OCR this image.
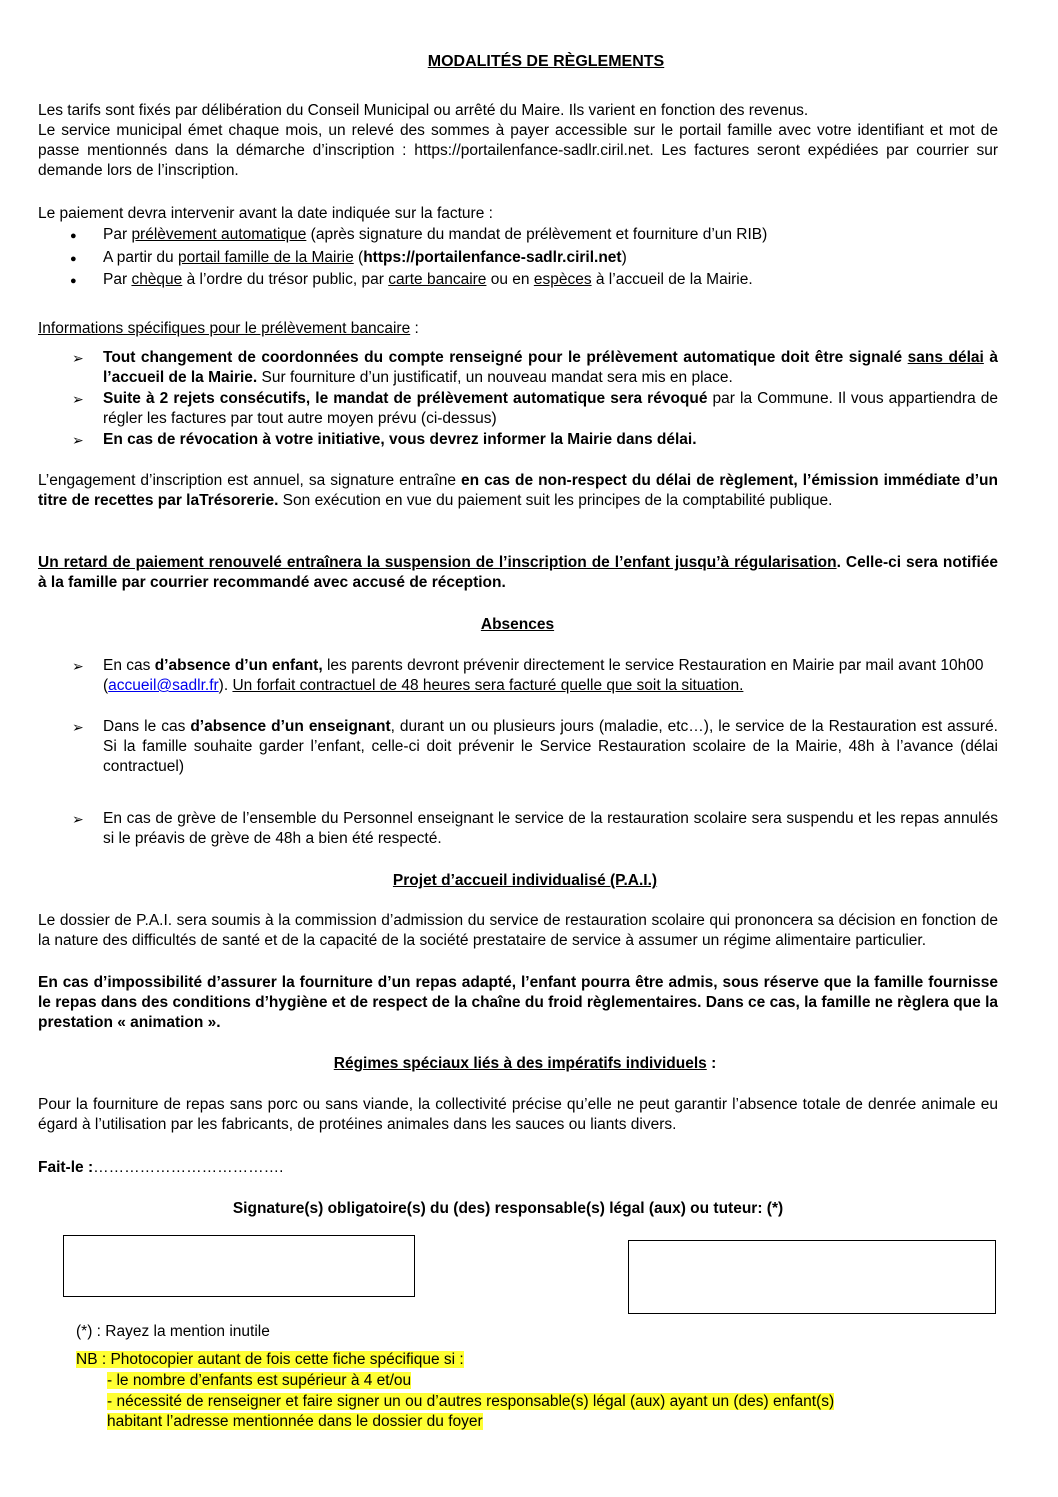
MODALITÉS DE RÈGLEMENTS

Les tarifs sont fixés par délibération du Conseil Municipal ou arrêté du Maire. Ils varient en fonction des revenus.

Le service municipal émet chaque mois, un relevé des sommes à payer accessible sur le portail famille avec votre identifiant et mot de passe mentionnés dans la démarche d’inscription : https://portailenfance-sadlr.ciril.net. Les factures seront expédiées par courrier sur demande lors de l’inscription.

Le paiement devra intervenir avant la date indiquée sur la facture :

● Par prélèvement automatique (après signature du mandat de prélèvement et fourniture d’un RIB)

● A partir du portail famille de la Mairie (https://portailenfance-sadlr.ciril.net)

● Par chèque à l’ordre du trésor public, par carte bancaire ou en espèces à l’accueil de la Mairie.

Informations spécifiques pour le prélèvement bancaire :

➢ Tout changement de coordonnées du compte renseigné pour le prélèvement automatique doit être signalé sans délai à l’accueil de la Mairie. Sur fourniture d’un justificatif, un nouveau mandat sera mis en place.

➢ Suite à 2 rejets consécutifs, le mandat de prélèvement automatique sera révoqué par la Commune. Il vous appartiendra de régler les factures par tout autre moyen prévu (ci-dessus)

➢ En cas de révocation à votre initiative, vous devrez informer la Mairie dans délai.

L’engagement d’inscription est annuel, sa signature entraîne en cas de non-respect du délai de règlement, l’émission immédiate d’un titre de recettes par laTrésorerie. Son exécution en vue du paiement suit les principes de la comptabilité publique.

Un retard de paiement renouvelé entraînera la suspension de l’inscription de l’enfant jusqu’à régularisation. Celle-ci sera notifiée à la famille par courrier recommandé avec accusé de réception.

Absences
➢ En cas d’absence d’un enfant, les parents devront prévenir directement le service Restauration en Mairie par mail avant 10h00 (accueil@sadlr.fr). Un forfait contractuel de 48 heures sera facturé quelle que soit la situation.

➢ Dans le cas d’absence d’un enseignant, durant un ou plusieurs jours (maladie, etc…), le service de la Restauration est assuré. Si la famille souhaite garder l’enfant, celle-ci doit prévenir le Service Restauration scolaire de la Mairie, 48h à l’avance (délai contractuel)

➢ En cas de grève de l’ensemble du Personnel enseignant le service de la restauration scolaire sera suspendu et les repas annulés si le préavis de grève de 48h a bien été respecté.

Projet d’accueil individualisé (P.A.I.)

Le dossier de P.A.I. sera soumis à la commission d’admission du service de restauration scolaire qui prononcera sa décision en fonction de la nature des difficultés de santé et de la capacité de la société prestataire de service à assumer un régime alimentaire particulier.

En cas d’impossibilité d’assurer la fourniture d’un repas adapté, l’enfant pourra être admis, sous réserve que la famille fournisse le repas dans des conditions d’hygiène et de respect de la chaîne du froid règlementaires. Dans ce cas, la famille ne règlera que la prestation « animation ».

Régimes spéciaux liés à des impératifs individuels :

Pour la fourniture de repas sans porc ou sans viande, la collectivité précise qu’elle ne peut garantir l’absence totale de denrée animale eu égard à l’utilisation par les fabricants, de protéines animales dans les sauces ou liants divers.

Fait-le :……………………………….

Signature(s) obligatoire(s) du (des) responsable(s) légal (aux) ou tuteur: (*)

(*) : Rayez la mention inutile

NB : Photocopier autant de fois cette fiche spécifique si :

- le nombre d’enfants est supérieur à 4 et/ou

- nécessité de renseigner et faire signer un ou d’autres responsable(s) légal (aux) ayant un (des) enfant(s)

habitant l’adresse mentionnée dans le dossier du foyer
